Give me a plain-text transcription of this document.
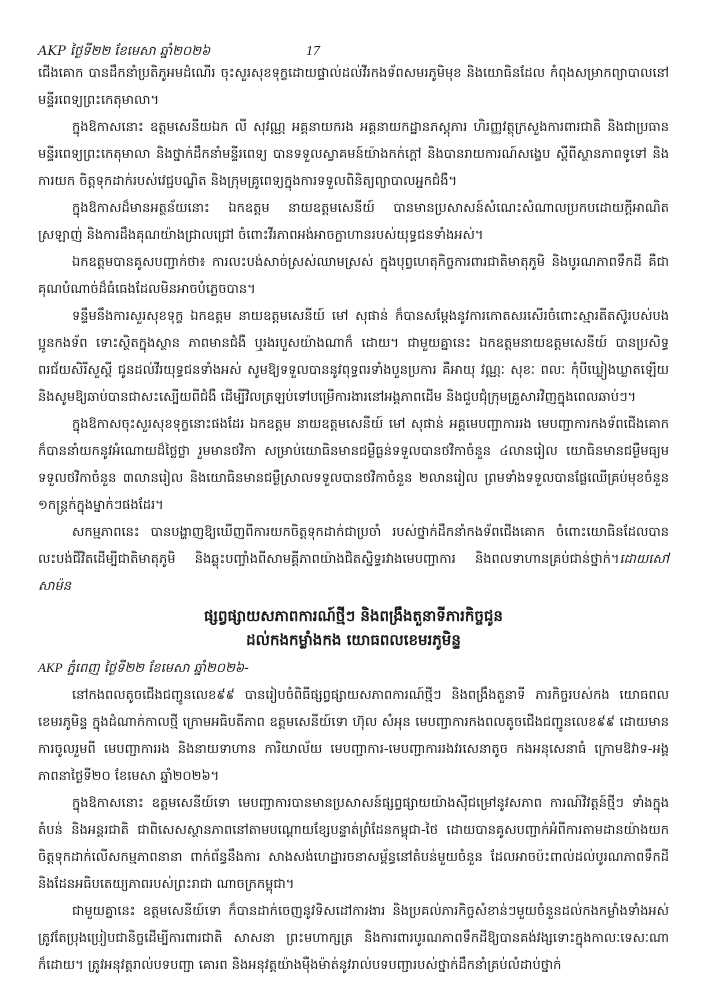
AKP ថ្ងៃទី២២ ខែមេសា ឆ្នាំ២០២៦	17

ជើងគោក បានដឹកនាំប្រតិភូអមដំណើរ ចុះសួរសុខទុក្ខដោយផ្ទាល់ដល់វីរកងទ័ពសមរភូមិមុខ និងយោធិនដែល កំពុងសម្រាកព្យាបាលនៅមន្ទីរពេទ្យព្រះកេតុមាលា។

ក្នុងឱកាសនោះ ឧត្តមសេនីយឯក លី សុវណ្ណ អគ្គនាយករង អគ្គនាយកដ្ឋានភស្តុភារ ហិរញ្ញវត្ថុក្រសួងការពារជាតិ និងជាប្រធានមន្ទីរពេទ្យព្រះកេតុមាលា និងថ្នាក់ដឹកនាំមន្ទីរពេទ្យ បានទទួលស្វាគមន៍យ៉ាងកក់ក្ដៅ និងបានរាយការណ៍សង្ខេប ស្ដីពីស្ថានភាពទូទៅ និងការយក ចិត្តទុកដាក់របស់វេជ្ជបណ្ឌិត និងក្រុមគ្រូពេទ្យក្នុងការទទួលពិនិត្យព្យាបាលអ្នកជំងឺ។

ក្នុងឱកាសដ៏មានអត្ថន័យនោះ ឯកឧត្តម នាយឧត្តមសេនីយ៍ បានមានប្រសាសន៍សំណេះសំណាលប្រកបដោយក្ដីអាណិតស្រឡាញ់ និងការដឹងគុណយ៉ាងជ្រាលជ្រៅ ចំពោះវីរភាពអង់អាចក្លាហានរបស់យុទ្ធជនទាំងអស់។

ឯកឧត្តមបានគូសបញ្ជាក់ថា៖ ការលះបង់សាច់ស្រស់ឈាមស្រស់ ក្នុងបុព្វហេតុកិច្ចការពារជាតិមាតុភូមិ និងបូរណភាពទឹកដី គឺជាគុណបំណាច់ដ៏ធំធេងដែលមិនអាចបំភ្លេចបាន។

ទន្ទឹមនឹងការសួរសុខទុក្ខ ឯកឧត្តម នាយឧត្តមសេនីយ៍ មៅ សុផាន់ ក៏បានសម្ដែងនូវការកោតសរសើរចំពោះស្មារតីតស៊ូរបស់បងប្អូនកងទ័ព ទោះស្ថិតក្នុងស្ថាន ភាពមានជំងឺ ឬរងរបួសយ៉ាងណាក៏ ដោយ។ ជាមួយគ្នានេះ ឯកឧត្តមនាយឧត្តមសេនីយ៍ បានប្រសិទ្ធពរជ័យសិរីសួស្ដី ជូនដល់វីរយុទ្ធជនទាំងអស់ សូមឱ្យទទួលបាននូវពុទ្ធពរទាំងបួនប្រការ គឺអាយុ វណ្ណៈ សុខៈ ពលៈ កុំបីឃ្លៀងឃ្លាតឡើយ និងសូមឱ្យឆាប់បានជាសះស្បើយពីជំងឺ ដើម្បីវិលត្រឡប់ទៅបម្រើការងារនៅអង្គភាពដើម និងជួបជុំក្រុមគ្រួសារវិញក្នុងពេលឆាប់ៗ។

ក្នុងឱកាសចុះសួរសុខទុក្ខនោះផងដែរ ឯកឧត្តម នាយឧត្តមសេនីយ៍ មៅ សុផាន់ អគ្គមេបញ្ជាការរង មេបញ្ជាការកងទ័ពជើងគោក ក៏បាននាំយកនូវអំណោយដ៏ថ្លៃថ្លា រួមមានថវិកា សម្រាប់យោធិនមានជម្ងឺធ្ងន់ទទួលបានថវិកាចំនួន ៤លានរៀល យោធិនមានជម្ងឺមធ្យមទទួលថវិកាចំនួន ៣លានរៀល និងយោធិនមានជម្ងឺស្រាលទទួលបានថវិកាចំនួន ២លានរៀល ព្រមទាំងទទួលបានផ្លែឈើគ្រប់មុខចំនួន ១កន្ត្រក់ក្នុងម្នាក់ៗផងដែរ។

សកម្មភាពនេះ បានបង្ហាញឱ្យឃើញពីការយកចិត្តទុកដាក់ជាប្រចាំ របស់ថ្នាក់ដឹកនាំកងទ័ពជើងគោក ចំពោះយោធិនដែលបានលះបង់ជីវិតដើម្បីជាតិមាតុភូមិ និងឆ្លុះបញ្ចាំងពីសាមគ្គីភាពយ៉ាងជិតស្និទ្ធរវាងមេបញ្ជាការ និងពលទាហានគ្រប់ជាន់ថ្នាក់។ដោយសៅ សាម៉ន

ផ្សព្វផ្សាយសភាពការណ៍ថ្មីៗ និងពង្រឹងតួនាទីភារកិច្ចជូន
ដល់កងកម្លាំងកង យោធពលខេមរភូមិន្ទ

AKP ភ្នំពេញ ថ្ងៃទី២២ ខែមេសា ឆ្នាំ២០២៦-

នៅកងពលតូចជើងជញ្ជូនលេខ៩៩ បានរៀបចំពិធីផ្សព្វផ្សាយសភាពការណ៍ថ្មីៗ និងពង្រឹងតួនាទី ភារកិច្ចរបស់កង យោធពលខេមរភូមិន្ទ ក្នុងដំណាក់កាលថ្មី ក្រោមអធិបតីភាព ឧត្តមសេនីយ៍ទោ ហ៊ុល សំអុន មេបញ្ជាការកងពលតូចជើងជញ្ជូនលេខ៩៩ ដោយមានការចូលរួមពី មេបញ្ជាការរង និងនាយទាហាន ការិយាល័យ មេបញ្ជាការ-មេបញ្ជាការរងវរសេនាតូច កងអនុសេនាធំ ក្រោមឱវាទ-អង្គភាពនាថ្ងៃទី២០ ខែមេសា ឆ្នាំ២០២៦។

ក្នុងឱកាសនោះ ឧត្តមសេនីយ៍ទោ មេបញ្ជាការបានមានប្រសាសន៍ផ្សព្វផ្សាយយ៉ាងស៊ីជម្រៅនូវសភាព ការណ៍វិវត្តន៍ថ្មីៗ ទាំងក្នុងតំបន់ និងអន្តរជាតិ ជាពិសេសស្ថានភាពនៅតាមបណ្ដោយខ្សែបន្ទាត់ព្រំដែនកម្ពុជា-ថៃ ដោយបានគូសបញ្ជាក់អំពីការតាមដានយ៉ាងយកចិត្តទុកដាក់លើសកម្មភាពនានា ពាក់ព័ន្ធនឹងការ សាងសង់ហេដ្ឋារចនាសម្ព័ន្ធនៅតំបន់មួយចំនួន ដែលអាចប៉ះពាល់ដល់បូរណភាពទឹកដី និងដែនអធិបតេយ្យភាពរបស់ព្រះរាជា ណាចក្រកម្ពុជា។

ជាមួយគ្នានេះ ឧត្តមសេនីយ៍ទោ ក៏បានដាក់ចេញនូវទិសដៅការងារ និងប្រគល់ភារកិច្ចសំខាន់ៗមួយចំនួនដល់កងកម្លាំងទាំងអស់ ត្រូវតែប្រុងប្រៀបជានិច្ចដើម្បីការពារជាតិ សាសនា ព្រះមហាក្សត្រ និងការពារបូរណភាពទឹកដីឱ្យបានគង់វង្សទោះក្នុងកាលៈទេសៈណាក៏ដោយ។ ត្រូវអនុវត្តរាល់បទបញ្ជា គោរព និងអនុវត្តយ៉ាងម៉ឺងម៉ាត់នូវរាល់បទបញ្ជារបស់ថ្នាក់ដឹកនាំគ្រប់លំដាប់ថ្នាក់
